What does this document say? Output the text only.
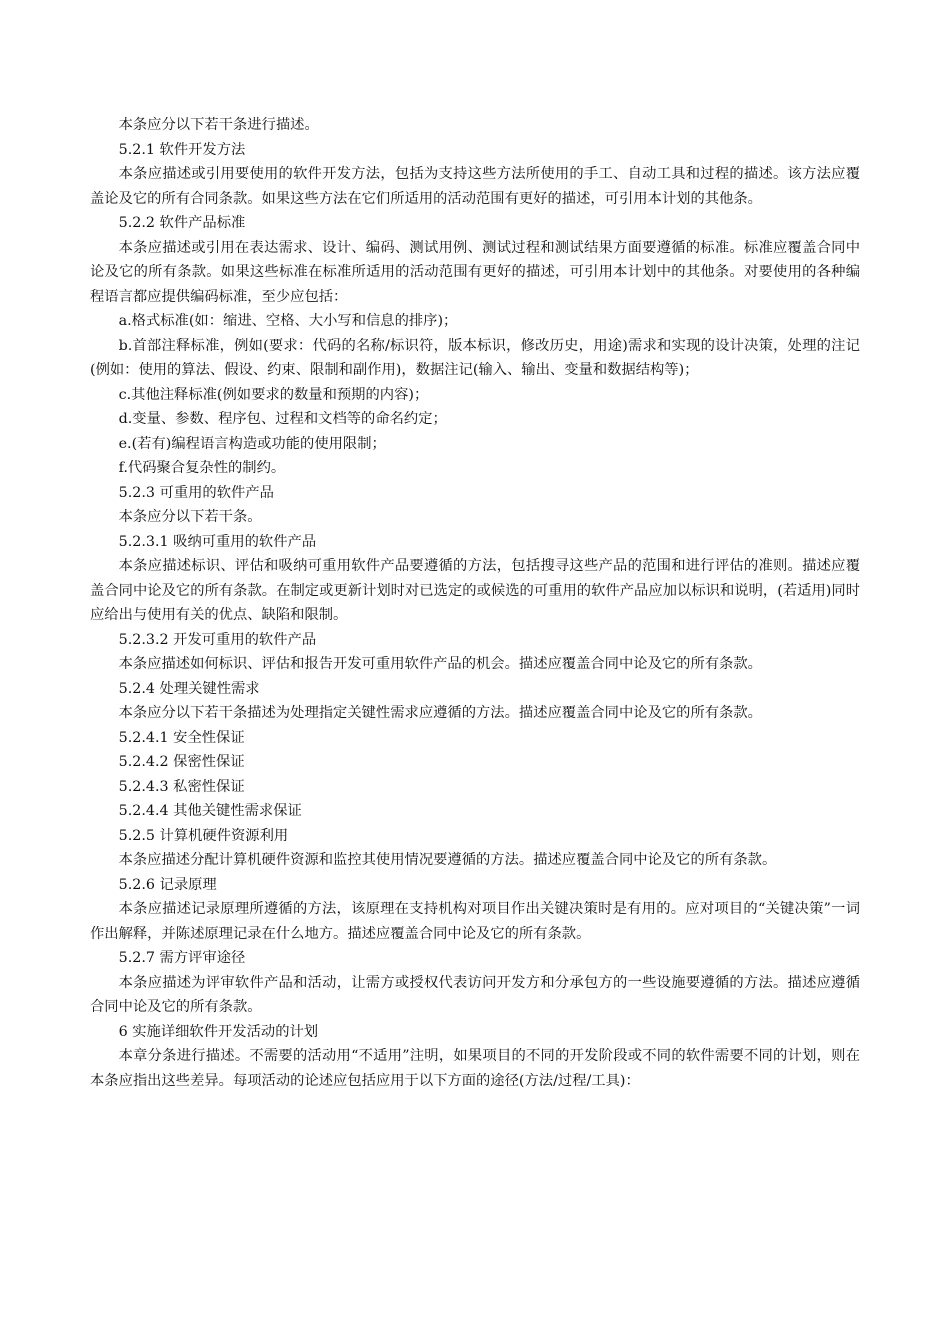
本条应分以下若干条进行描述。

5.2.1 软件开发方法

本条应描述或引用要使用的软件开发方法，包括为支持这些方法所使用的手工、自动工具和过程的描述。该方法应覆盖论及它的所有合同条款。如果这些方法在它们所适用的活动范围有更好的描述，可引用本计划的其他条。

5.2.2 软件产品标准

本条应描述或引用在表达需求、设计、编码、测试用例、测试过程和测试结果方面要遵循的标准。标准应覆盖合同中论及它的所有条款。如果这些标准在标准所适用的活动范围有更好的描述，可引用本计划中的其他条。对要使用的各种编程语言都应提供编码标准，至少应包括：

a.格式标准(如：缩进、空格、大小写和信息的排序)；

b.首部注释标准，例如(要求：代码的名称/标识符，版本标识，修改历史，用途)需求和实现的设计决策，处理的注记(例如：使用的算法、假设、约束、限制和副作用)，数据注记(输入、输出、变量和数据结构等)；

c.其他注释标准(例如要求的数量和预期的内容)；

d.变量、参数、程序包、过程和文档等的命名约定；

e.(若有)编程语言构造或功能的使用限制；

f.代码聚合复杂性的制约。

5.2.3 可重用的软件产品

本条应分以下若干条。

5.2.3.1 吸纳可重用的软件产品

本条应描述标识、评估和吸纳可重用软件产品要遵循的方法，包括搜寻这些产品的范围和进行评估的准则。描述应覆盖合同中论及它的所有条款。在制定或更新计划时对已选定的或候选的可重用的软件产品应加以标识和说明，(若适用)同时应给出与使用有关的优点、缺陷和限制。

5.2.3.2 开发可重用的软件产品

本条应描述如何标识、评估和报告开发可重用软件产品的机会。描述应覆盖合同中论及它的所有条款。

5.2.4 处理关键性需求

本条应分以下若干条描述为处理指定关键性需求应遵循的方法。描述应覆盖合同中论及它的所有条款。

5.2.4.1 安全性保证

5.2.4.2 保密性保证

5.2.4.3 私密性保证

5.2.4.4 其他关键性需求保证

5.2.5 计算机硬件资源利用

本条应描述分配计算机硬件资源和监控其使用情况要遵循的方法。描述应覆盖合同中论及它的所有条款。

5.2.6 记录原理

本条应描述记录原理所遵循的方法，该原理在支持机构对项目作出关键决策时是有用的。应对项目的“关键决策”一词作出解释，并陈述原理记录在什么地方。描述应覆盖合同中论及它的所有条款。

5.2.7 需方评审途径

本条应描述为评审软件产品和活动，让需方或授权代表访问开发方和分承包方的一些设施要遵循的方法。描述应遵循合同中论及它的所有条款。

6 实施详细软件开发活动的计划

本章分条进行描述。不需要的活动用“不适用”注明，如果项目的不同的开发阶段或不同的软件需要不同的计划，则在本条应指出这些差异。每项活动的论述应包括应用于以下方面的途径(方法/过程/工具)：
